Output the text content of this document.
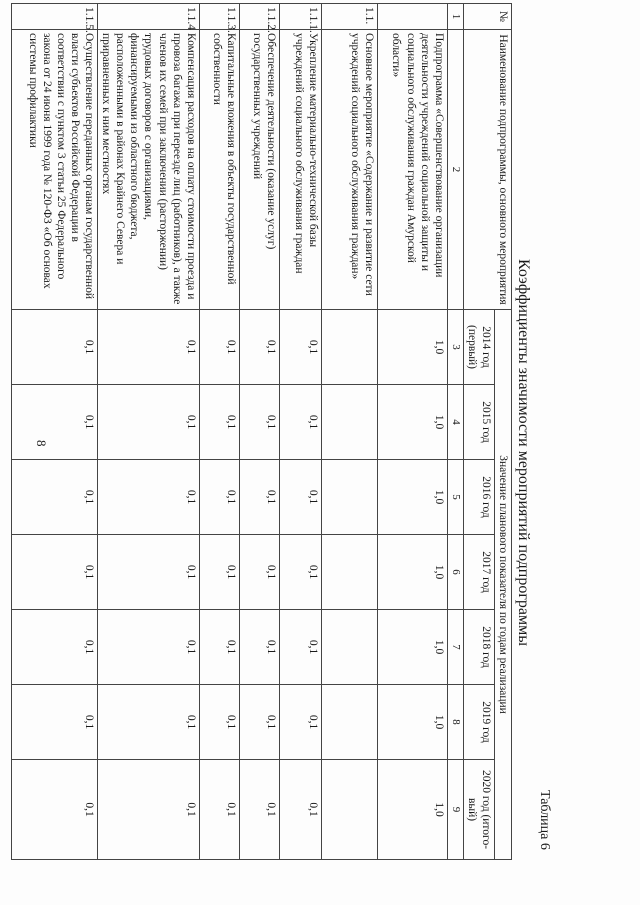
8
Таблица 6
Коэффициенты значимости мероприятий подпрограммы
№	Наименование подпрограммы, основного мероприятия	Значение планового показателя по годам реализации						
		2014 год (первый)	2015 год	2016 год	2017 год	2018 год	2019 год	2020 год (итого-вый)
1	2	3	4	5	6	7	8	9
	Подпрограмма «Совершенствование организации деятельности учреждений социальной защиты и социального обслуживания граждан Амурской области»	1,0	1,0	1,0	1,0	1,0	1,0	1,0
1.1.	Основное мероприятие «Содержание и развитие сети учреждений социального обслуживания граждан»							
1.1.1.	Укрепление материально-технической базы учреждений социального обслуживания граждан	0,1	0,1	0,1	0,1	0,1	0,1	0,1
1.1.2.	Обеспечение деятельности (оказание услуг) государственных учреждений	0,1	0,1	0,1	0,1	0,1	0,1	0,1
1.1.3.	Капитальные вложения в объекты государственной собственности	0,1	0,1	0,1	0,1	0,1	0,1	0,1
1.1.4	Компенсация расходов на оплату стоимости проезда и провоза багажа при переезде лиц (работников), а также членов их семей при заключении (расторжении) трудовых договоров с организациями, финансируемыми из областного бюджета, расположенными в районах Крайнего Севера и приравненных к ним местностях	0,1	0,1	0,1	0,1	0,1	0,1	0,1
1.1.5.	Осуществление переданных органам государственной власти субъектов Российской Федерации в соответствии с пунктом 3 статьи 25 Федерального закона от 24 июня 1999 года № 120-ФЗ «Об основах системы профилактики	0,1	0,1	0,1	0,1	0,1	0,1	0,1
